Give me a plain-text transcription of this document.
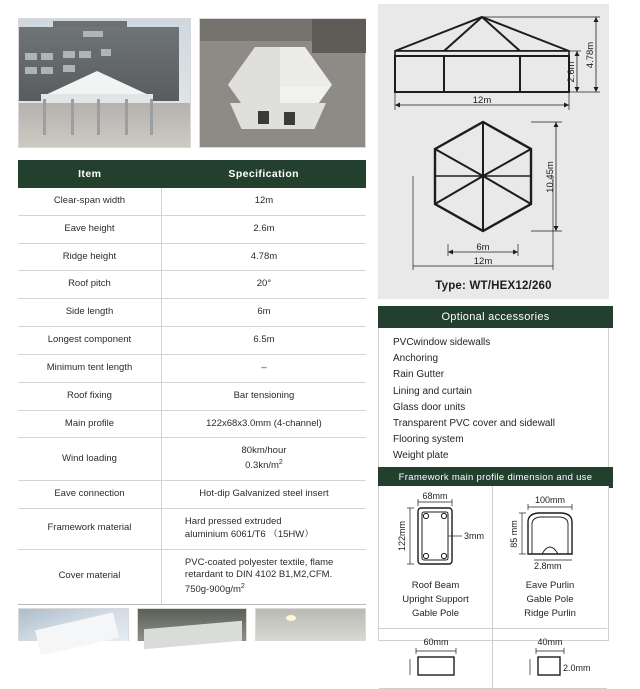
Item	Specification
Clear-span width	12m
Eave height	2.6m
Ridge height	4.78m
Roof pitch	20°
Side length	6m
Longest component	6.5m
Minimum tent length	–
Roof fixing	Bar tensioning
Main profile	122x68x3.0mm (4-channel)
Wind loading	80km/hour
$0.3kn/m^2$

Eave connection	Hot-dip Galvanized steel insert
Framework material	Hard pressed extruded
aluminium 6061/T6 （15HW）

Cover material	PVC-coated polyester textile, flame
retardant to DIN 4102 B1,M2,CFM.
$750g-900g/m^2$
12m
2.6m
4.78m
10.45m
6m
12m
Type: WT/HEX12/260
Optional accessories
PVCwindow sidewalls
Anchoring
Rain Gutter
Lining and curtain
Glass door units
Transparent PVC cover and sidewall
Flooring system
Weight plate
Framework main profile dimension and use
68mm
122mm	3mm
Roof Beam
Upright Support
Gable Pole
100mm
85 mm
2.8mm
Eave Purlin
Gable Pole
Ridge Purlin
60mm	40mm
2.0mm
